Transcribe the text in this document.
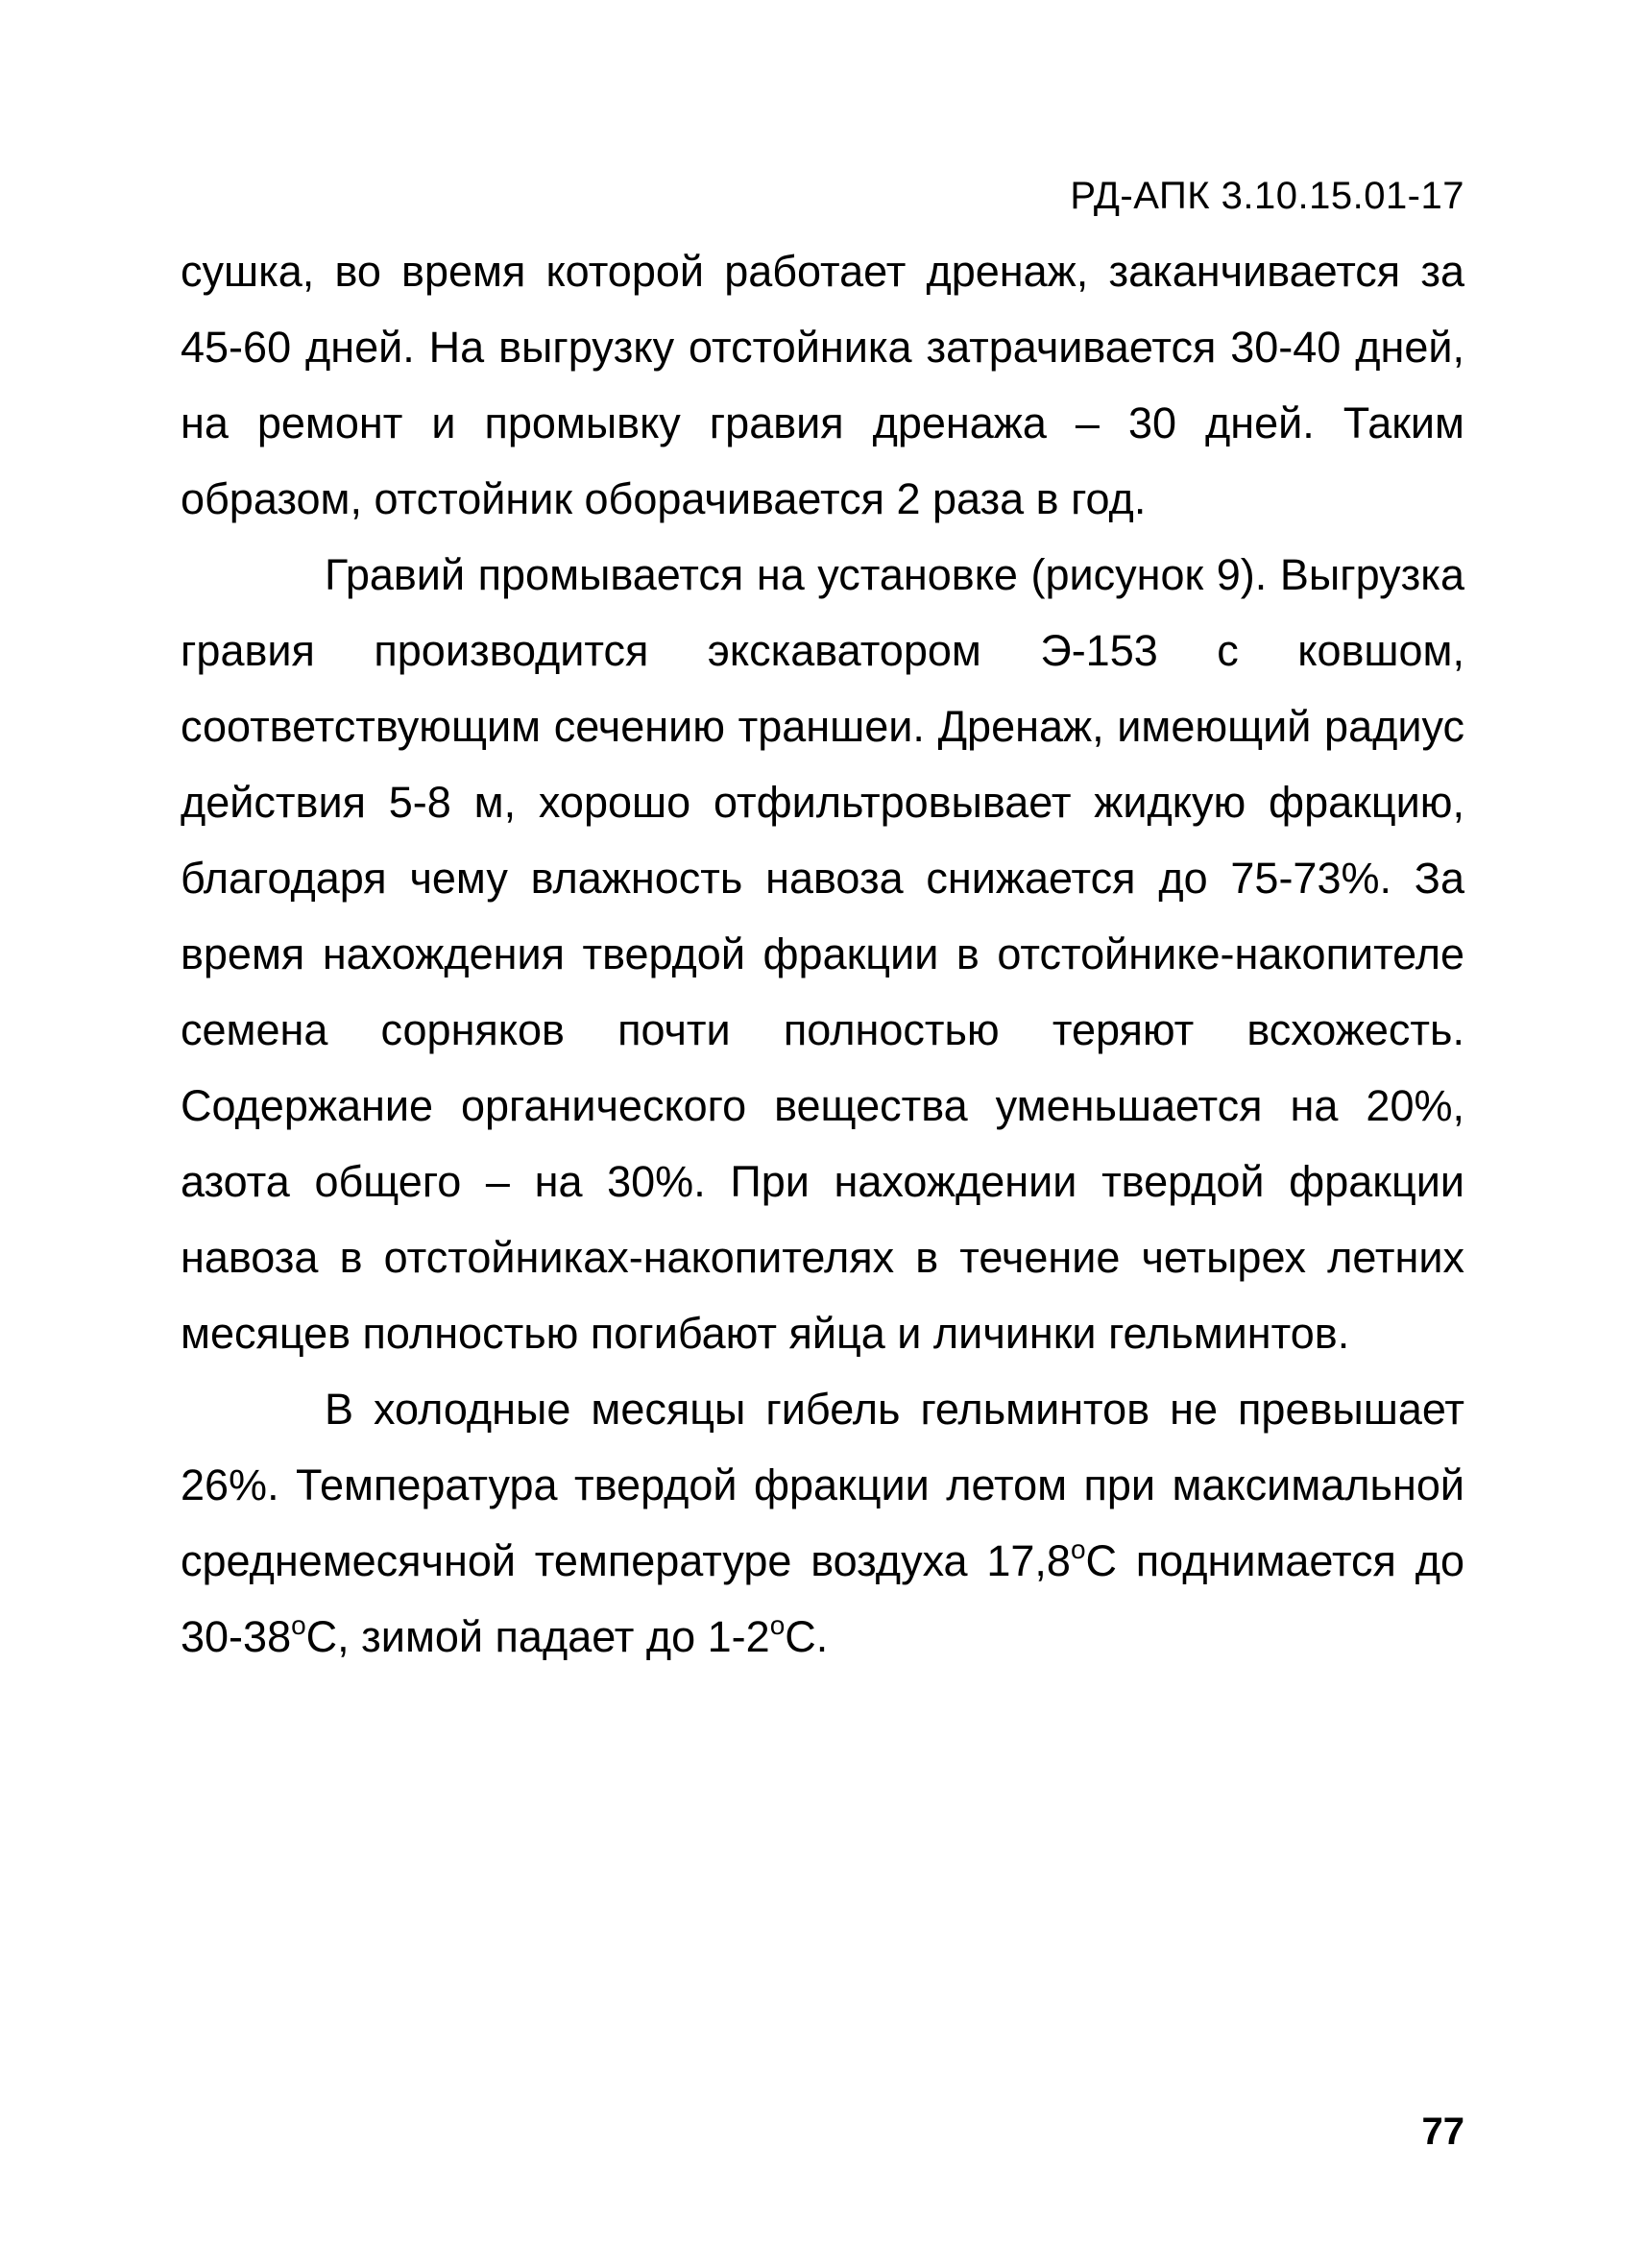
РД-АПК 3.10.15.01-17

сушка, во время которой работает дренаж, заканчивается за 45-60 дней. На выгрузку отстойника затрачивается 30-40 дней, на ремонт и промывку гравия дренажа – 30 дней. Таким образом, отстойник оборачивается 2 раза в год.

Гравий промывается на установке (рисунок 9). Выгрузка гравия производится экскаватором Э-153 с ковшом, соответствующим сечению траншеи. Дренаж, имеющий радиус действия 5-8 м, хорошо отфильтровывает жидкую фракцию, благодаря чему влажность навоза снижается до 75-73%. За время нахождения твердой фракции в отстойнике-накопителе семена сорняков почти полностью теряют всхожесть. Содержание органического вещества уменьшается на 20%, азота общего – на 30%. При нахождении твердой фракции навоза в отстойниках-накопителях в течение четырех летних месяцев полностью погибают яйца и личинки гельминтов.

В холодные месяцы гибель гельминтов не превышает 26%. Температура твердой фракции летом при максимальной среднемесячной температуре воздуха $17,8^оС$ поднимается до $30-38^оС$, зимой падает до $1-2^оС$.

77
